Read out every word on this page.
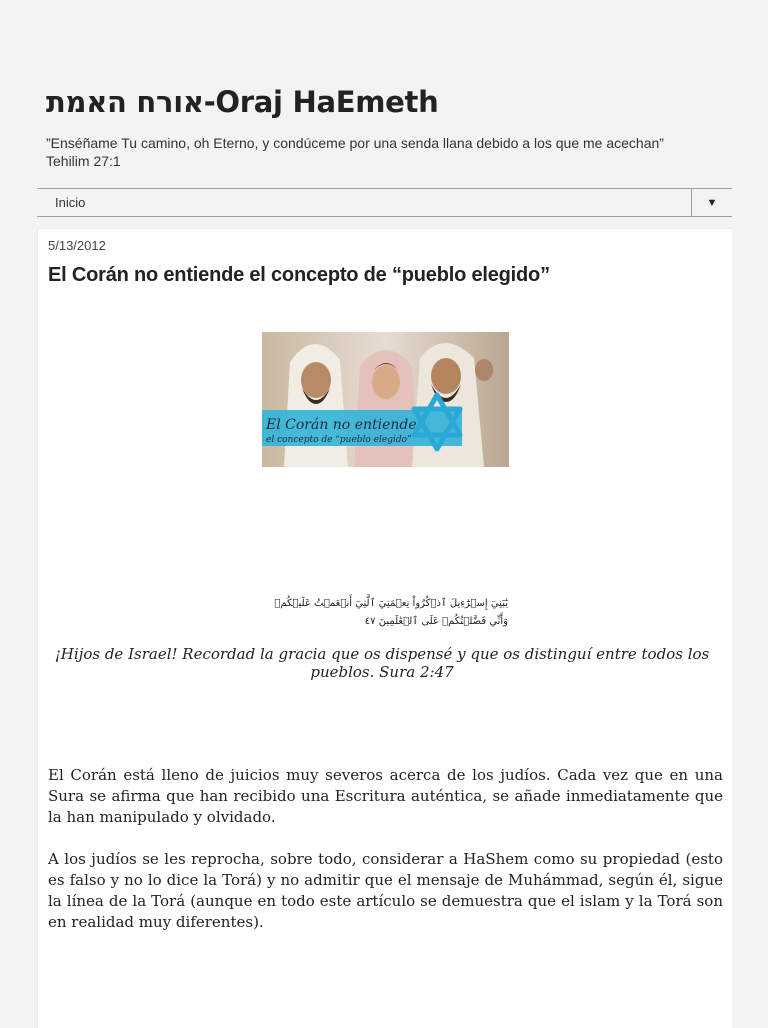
אורח האמת-Oraj HaEmeth
”Enséñame Tu camino, oh Eterno, y condúceme por una senda llana debido a los que me acechan” Tehilim 27:1
Inicio	▼
5/13/2012
El Corán no entiende el concepto de “pueblo elegido”
El Corán no entiende
el concepto de “pueblo elegido”
يَٰبَنِيٓ إِسۡرَٰٓءِيلَ ٱذۡكُرُواْ نِعۡمَتِيَ ٱلَّتِيٓ أَنۡعَمۡتُ عَلَيۡكُمۡ وَأَنِّي فَضَّلۡتُكُمۡ عَلَى ٱلۡعَٰلَمِينَ ٤٧
¡Hijos de Israel! Recordad la gracia que os dispensé y que os distinguí entre todos los pueblos. Sura 2:47

El Corán está lleno de juicios muy severos acerca de los judíos. Cada vez que en una Sura se afirma que han recibido una Escritura auténtica, se añade inmediatamente que la han manipulado y olvidado.

A los judíos se les reprocha, sobre todo, considerar a HaShem como su propiedad (esto es falso y no lo dice la Torá) y no admitir que el mensaje de Muhámmad, según él, sigue la línea de la Torá (aunque en todo este artículo se demuestra que el islam y la Torá son en realidad muy diferentes).
